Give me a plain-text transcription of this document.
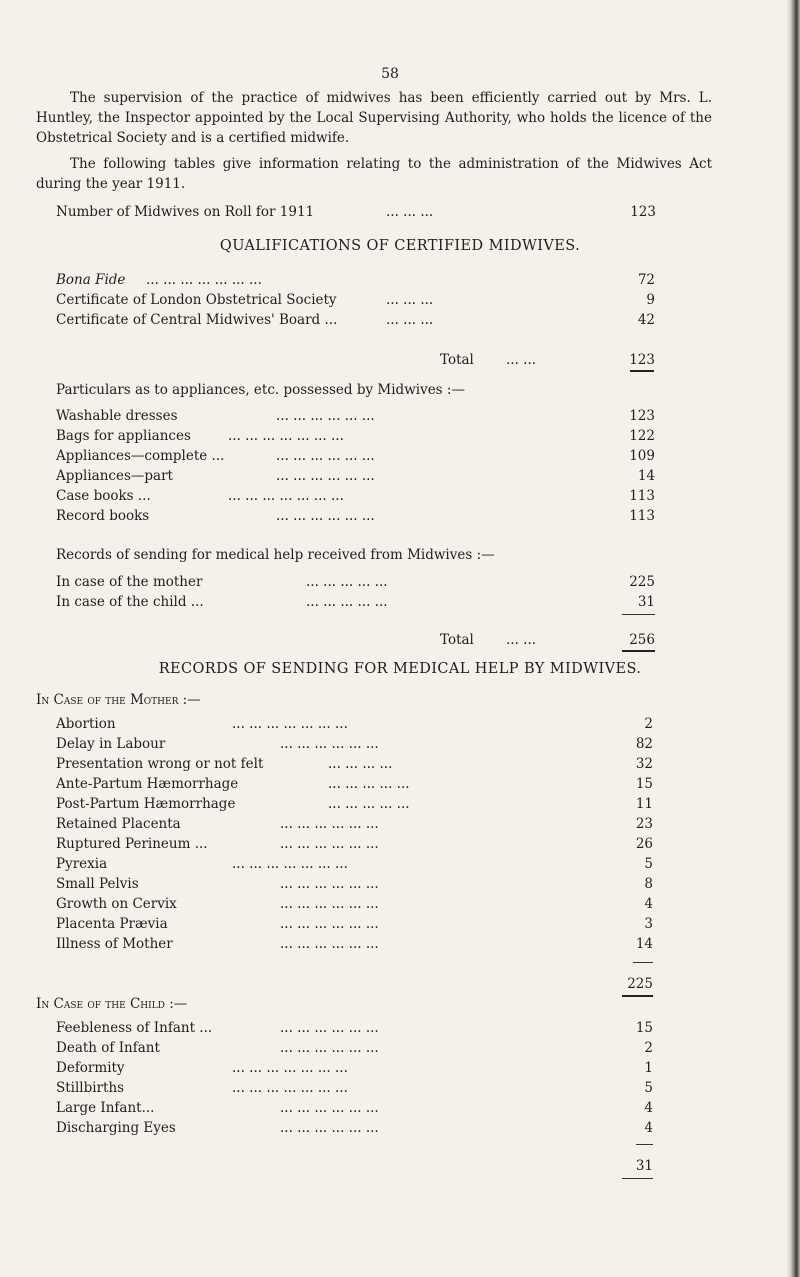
58

The supervision of the practice of midwives has been efficiently carried out by Mrs. L. Huntley, the Inspector appointed by the Local Supervising Authority, who holds the licence of the Obstetrical Society and is a certified midwife.

The following tables give information relating to the administration of the Midwives Act during the year 1911.

Number of Midwives on Roll for 1911	... ... ...	123
QUALIFICATIONS OF CERTIFIED MIDWIVES.
Bona Fide ... ... ... ... ... ... ...	72
Certificate of London Obstetrical Society	... ... ...	9
Certificate of Central Midwives' Board ...	... ... ...	42
Total ... ...	123
Particulars as to appliances, etc. possessed by Midwives :—
Washable dresses	... ... ... ... ... ...	123
Bags for appliances	... ... ... ... ... ... ...	122
Appliances—complete ...	... ... ... ... ... ...	109
Appliances—part	... ... ... ... ... ...	14
Case books ...	... ... ... ... ... ... ...	113
Record books	... ... ... ... ... ...	113
Records of sending for medical help received from Midwives :—
In case of the mother	... ... ... ... ...	225
In case of the child ...	... ... ... ... ...	31
Total ... ...	256
RECORDS OF SENDING FOR MEDICAL HELP BY MIDWIVES.
In Case of the Mother :—
Abortion	... ... ... ... ... ... ...	2
Delay in Labour	... ... ... ... ... ...	82
Presentation wrong or not felt	... ... ... ...	32
Ante-Partum Hæmorrhage	... ... ... ... ...	15
Post-Partum Hæmorrhage	... ... ... ... ...	11
Retained Placenta	... ... ... ... ... ...	23
Ruptured Perineum ...	... ... ... ... ... ...	26
Pyrexia	... ... ... ... ... ... ...	5
Small Pelvis	... ... ... ... ... ...	8
Growth on Cervix	... ... ... ... ... ...	4
Placenta Prævia	... ... ... ... ... ...	3
Illness of Mother	... ... ... ... ... ...	14
225
In Case of the Child :—
Feebleness of Infant ...	... ... ... ... ... ...	15
Death of Infant	... ... ... ... ... ...	2
Deformity	... ... ... ... ... ... ...	1
Stillbirths	... ... ... ... ... ... ...	5
Large Infant...	... ... ... ... ... ...	4
Discharging Eyes	... ... ... ... ... ...	4
31
